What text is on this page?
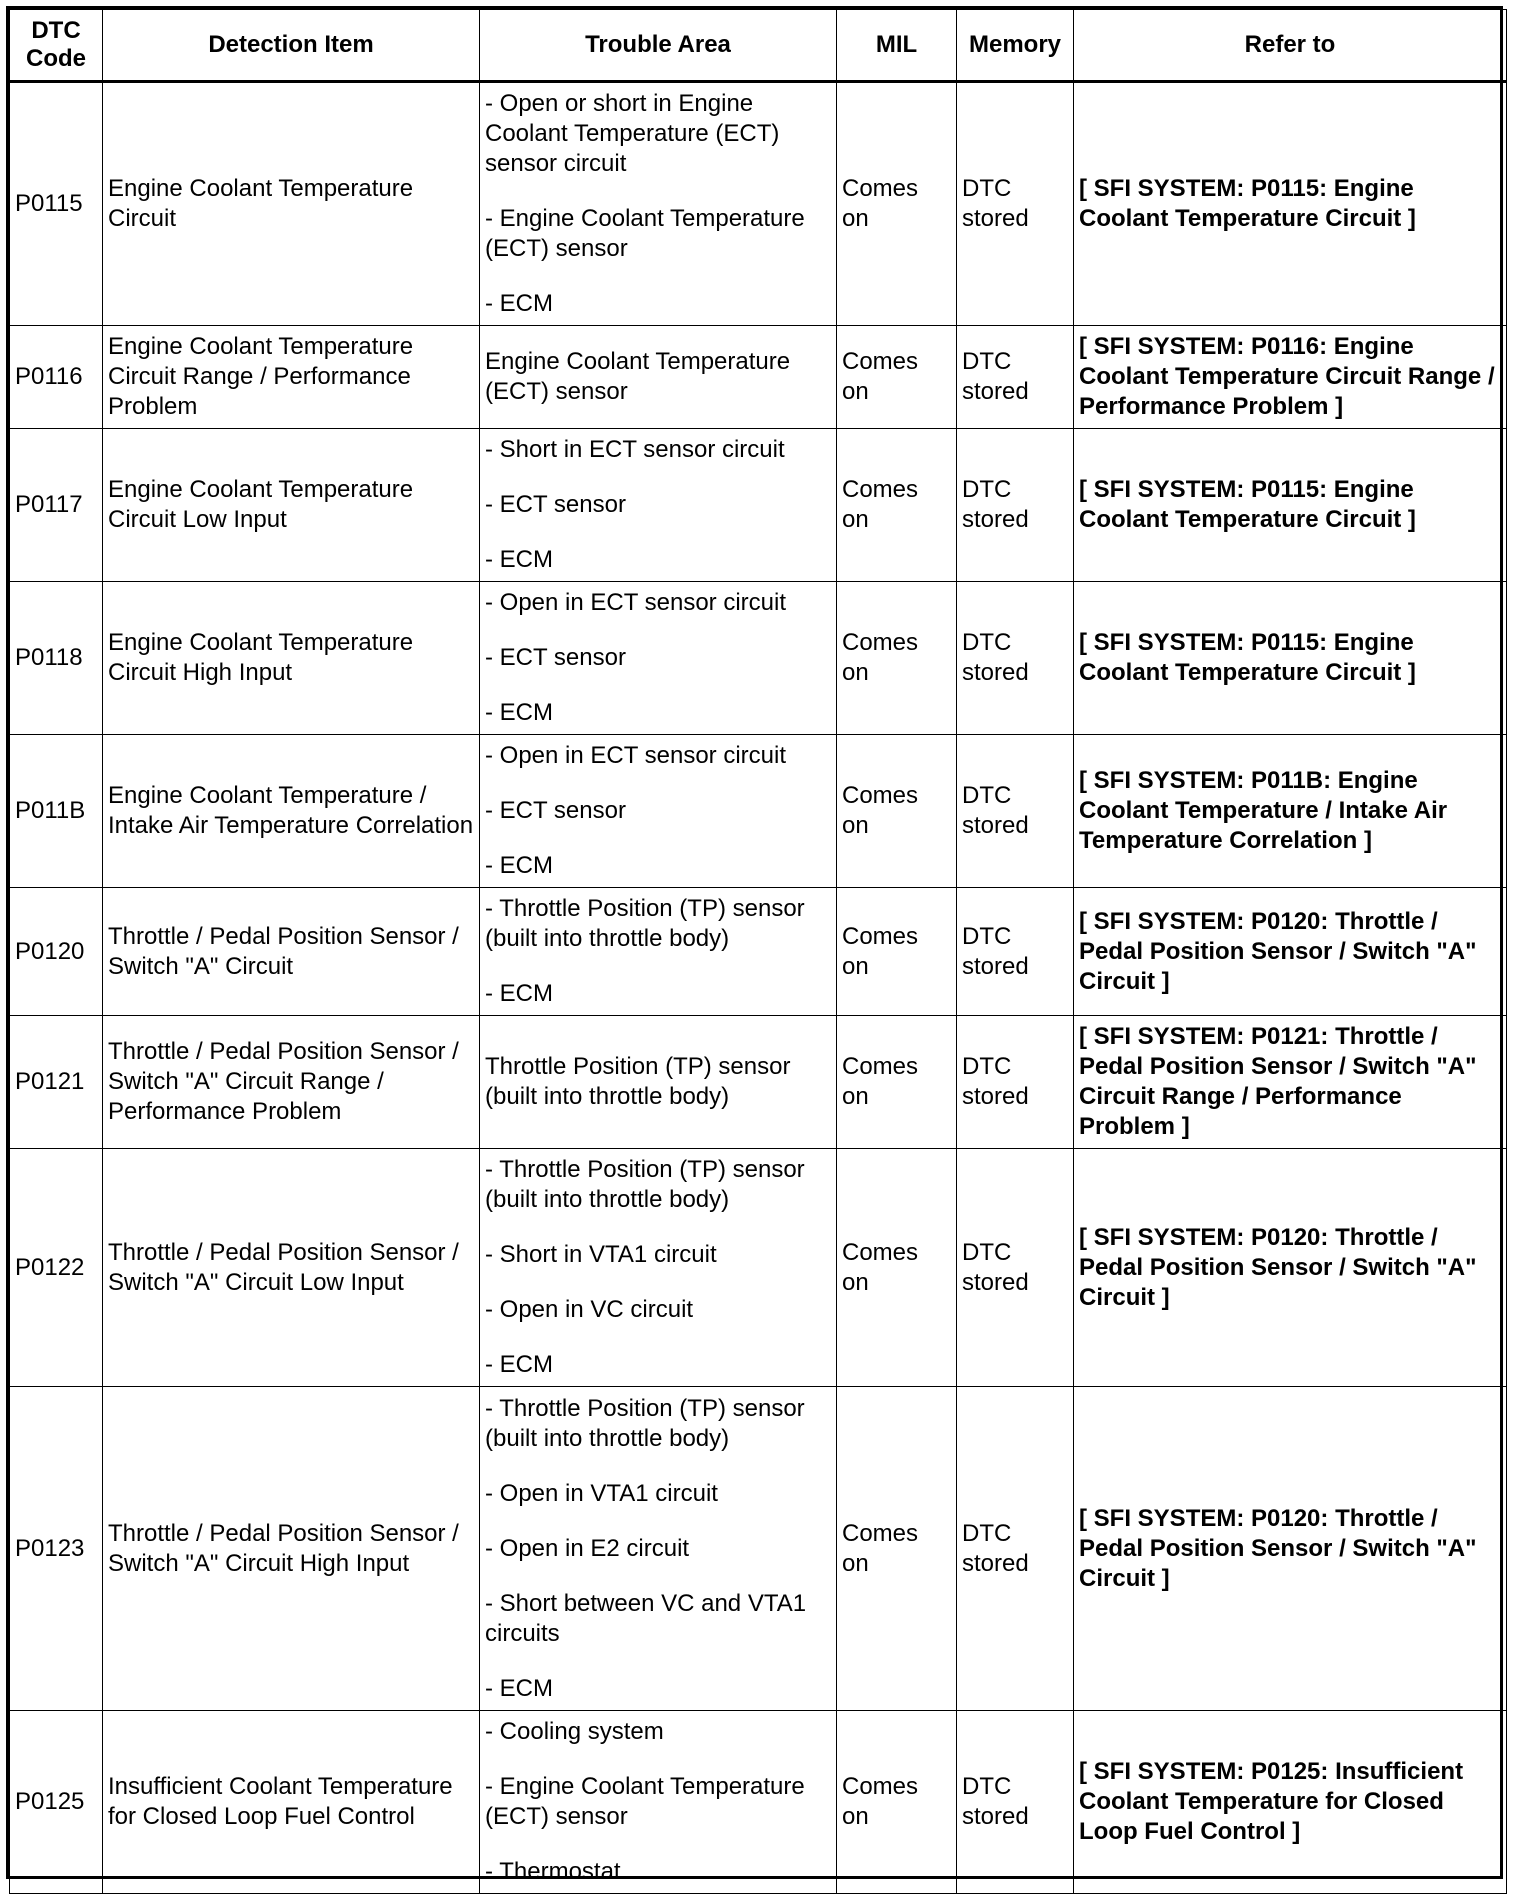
DTC Code	Detection Item	Trouble Area	MIL	Memory	Refer to
P0115	Engine Coolant Temperature Circuit	- Open or short in Engine Coolant Temperature (ECT) sensor circuit
- Engine Coolant Temperature (ECT) sensor
- ECM	Comes on	DTC stored	[ SFI SYSTEM: P0115: Engine Coolant Temperature Circuit ]
P0116	Engine Coolant Temperature Circuit Range / Performance Problem	Engine Coolant Temperature (ECT) sensor	Comes on	DTC stored	[ SFI SYSTEM: P0116: Engine Coolant Temperature Circuit Range / Performance Problem ]
P0117	Engine Coolant Temperature Circuit Low Input	- Short in ECT sensor circuit
- ECT sensor
- ECM	Comes on	DTC stored	[ SFI SYSTEM: P0115: Engine Coolant Temperature Circuit ]
P0118	Engine Coolant Temperature Circuit High Input	- Open in ECT sensor circuit
- ECT sensor
- ECM	Comes on	DTC stored	[ SFI SYSTEM: P0115: Engine Coolant Temperature Circuit ]
P011B	Engine Coolant Temperature / Intake Air Temperature Correlation	- Open in ECT sensor circuit
- ECT sensor
- ECM	Comes on	DTC stored	[ SFI SYSTEM: P011B: Engine Coolant Temperature / Intake Air Temperature Correlation ]
P0120	Throttle / Pedal Position Sensor / Switch "A" Circuit	- Throttle Position (TP) sensor (built into throttle body)
- ECM	Comes on	DTC stored	[ SFI SYSTEM: P0120: Throttle / Pedal Position Sensor / Switch "A" Circuit ]
P0121	Throttle / Pedal Position Sensor / Switch "A" Circuit Range / Performance Problem	Throttle Position (TP) sensor (built into throttle body)	Comes on	DTC stored	[ SFI SYSTEM: P0121: Throttle / Pedal Position Sensor / Switch "A" Circuit Range / Performance Problem ]
P0122	Throttle / Pedal Position Sensor / Switch "A" Circuit Low Input	- Throttle Position (TP) sensor (built into throttle body)
- Short in VTA1 circuit
- Open in VC circuit
- ECM	Comes on	DTC stored	[ SFI SYSTEM: P0120: Throttle / Pedal Position Sensor / Switch "A" Circuit ]
P0123	Throttle / Pedal Position Sensor / Switch "A" Circuit High Input	- Throttle Position (TP) sensor (built into throttle body)
- Open in VTA1 circuit
- Open in E2 circuit
- Short between VC and VTA1 circuits
- ECM	Comes on	DTC stored	[ SFI SYSTEM: P0120: Throttle / Pedal Position Sensor / Switch "A" Circuit ]
P0125	Insufficient Coolant Temperature for Closed Loop Fuel Control	- Cooling system
- Engine Coolant Temperature (ECT) sensor
- Thermostat	Comes on	DTC stored	[ SFI SYSTEM: P0125: Insufficient Coolant Temperature for Closed Loop Fuel Control ]
